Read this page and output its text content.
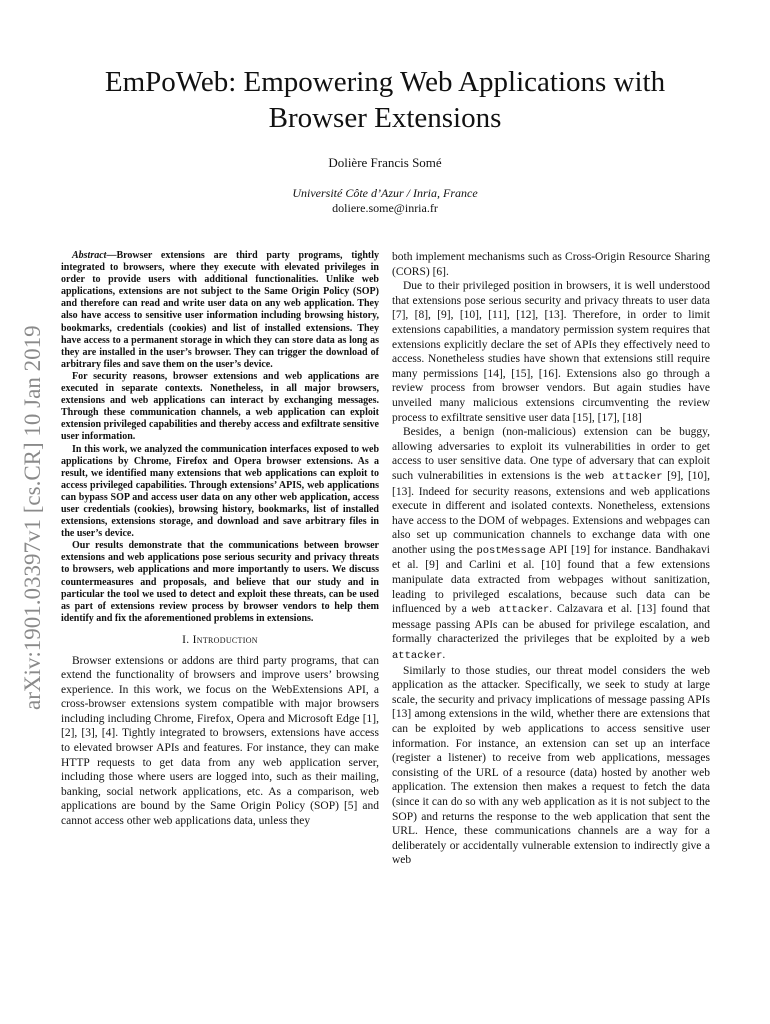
arXiv:1901.03397v1 [cs.CR] 10 Jan 2019
EmPoWeb: Empowering Web Applications with
Browser Extensions
Dolière Francis Somé
Université Côte d’Azur / Inria, France
doliere.some@inria.fr

Abstract—Browser extensions are third party programs, tightly integrated to browsers, where they execute with elevated privileges in order to provide users with additional functionalities. Unlike web applications, extensions are not subject to the Same Origin Policy (SOP) and therefore can read and write user data on any web application. They also have access to sensitive user information including browsing history, bookmarks, credentials (cookies) and list of installed extensions. They have access to a permanent storage in which they can store data as long as they are installed in the user’s browser. They can trigger the download of arbitrary files and save them on the user’s device.

For security reasons, browser extensions and web applications are executed in separate contexts. Nonetheless, in all major browsers, extensions and web applications can interact by exchanging messages. Through these communication channels, a web application can exploit extension privileged capabilities and thereby access and exfiltrate sensitive user information.

In this work, we analyzed the communication interfaces exposed to web applications by Chrome, Firefox and Opera browser extensions. As a result, we identified many extensions that web applications can exploit to access privileged capabilities. Through extensions’ APIS, web applications can bypass SOP and access user data on any other web application, access user credentials (cookies), browsing history, bookmarks, list of installed extensions, extensions storage, and download and save arbitrary files in the user’s device.

Our results demonstrate that the communications between browser extensions and web applications pose serious security and privacy threats to browsers, web applications and more importantly to users. We discuss countermeasures and proposals, and believe that our study and in particular the tool we used to detect and exploit these threats, can be used as part of extensions review process by browser vendors to help them identify and fix the aforementioned problems in extensions.

I. Introduction

Browser extensions or addons are third party programs, that can extend the functionality of browsers and improve users’ browsing experience. In this work, we focus on the WebExtensions API, a cross-browser extensions system compatible with major browsers including including Chrome, Firefox, Opera and Microsoft Edge [1], [2], [3], [4]. Tightly integrated to browsers, extensions have access to elevated browser APIs and features. For instance, they can make HTTP requests to get data from any web application server, including those where users are logged into, such as their mailing, banking, social network applications, etc. As a comparison, web applications are bound by the Same Origin Policy (SOP) [5] and cannot access other web applications data, unless they

both implement mechanisms such as Cross-Origin Resource Sharing (CORS) [6].

Due to their privileged position in browsers, it is well understood that extensions pose serious security and privacy threats to user data [7], [8], [9], [10], [11], [12], [13]. Therefore, in order to limit extensions capabilities, a mandatory permission system requires that extensions explicitly declare the set of APIs they effectively need to access. Nonetheless studies have shown that extensions still require many permissions [14], [15], [16]. Extensions also go through a review process from browser vendors. But again studies have unveiled many malicious extensions circumventing the review process to exfiltrate sensitive user data [15], [17], [18]

Besides, a benign (non-malicious) extension can be buggy, allowing adversaries to exploit its vulnerabilities in order to get access to user sensitive data. One type of adversary that can exploit such vulnerabilities in extensions is the web attacker [9], [10], [13]. Indeed for security reasons, extensions and web applications execute in different and isolated contexts. Nonetheless, extensions have access to the DOM of webpages. Extensions and webpages can also set up communication channels to exchange data with one another using the postMessage API [19] for instance. Bandhakavi et al. [9] and Carlini et al. [10] found that a few extensions manipulate data extracted from webpages without sanitization, leading to privileged escalations, because such data can be influenced by a web attacker. Calzavara et al. [13] found that message passing APIs can be abused for privilege escalation, and formally characterized the privileges that be exploited by a web attacker.

Similarly to those studies, our threat model considers the web application as the attacker. Specifically, we seek to study at large scale, the security and privacy implications of message passing APIs [13] among extensions in the wild, whether there are extensions that can be exploited by web applications to access sensitive user information. For instance, an extension can set up an interface (register a listener) to receive from web applications, messages consisting of the URL of a resource (data) hosted by another web application. The extension then makes a request to fetch the data (since it can do so with any web application as it is not subject to the SOP) and returns the response to the web application that sent the URL. Hence, these communications channels are a way for a deliberately or accidentally vulnerable extension to indirectly give a web
